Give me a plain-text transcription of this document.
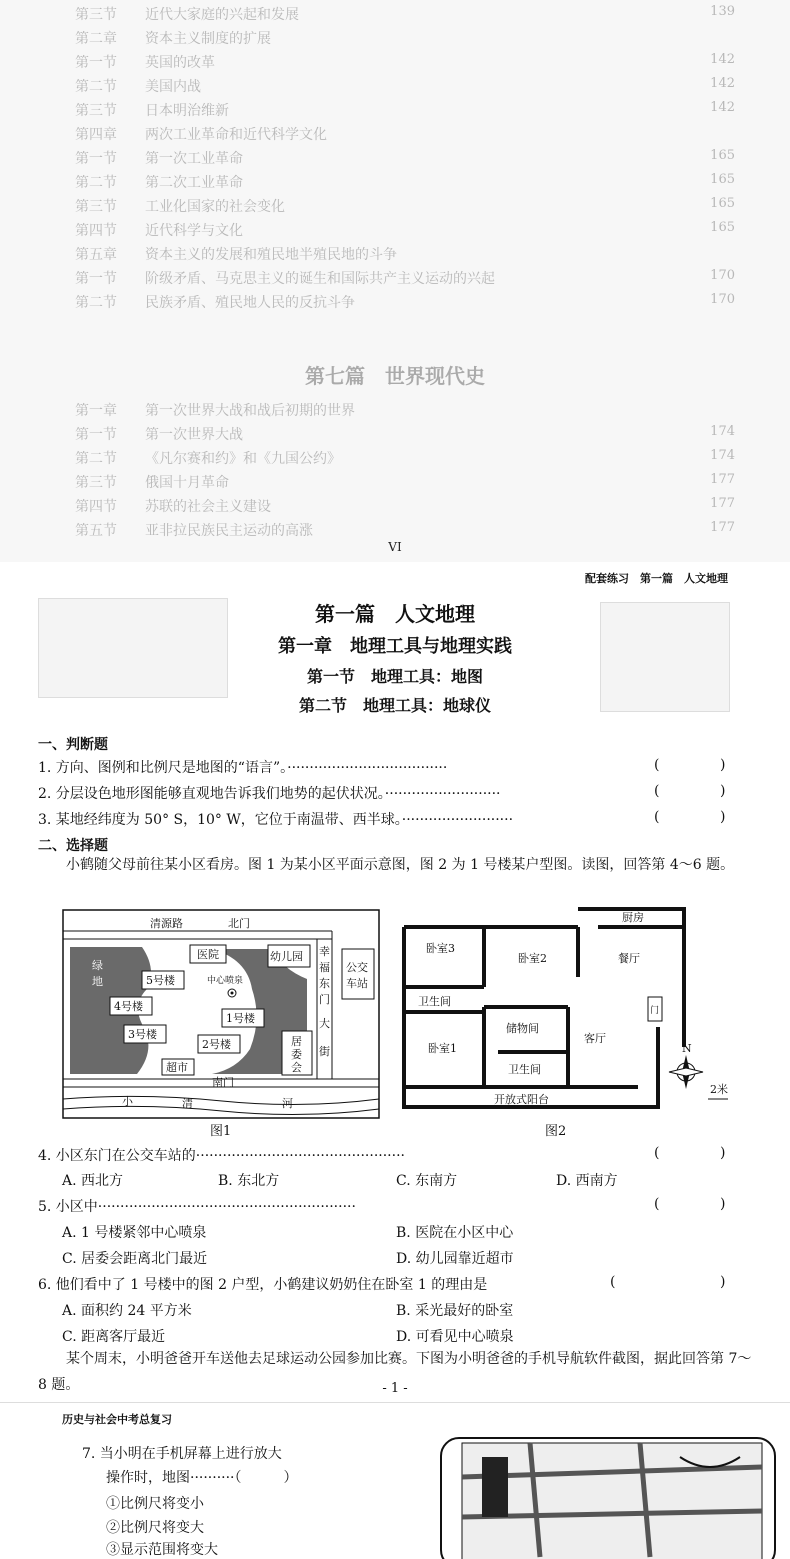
第三节 近代大家庭的兴起和发展	139
第二章 资本主义制度的扩展
第一节 英国的改革	142
第二节 美国内战	142
第三节 日本明治维新	142
第四章 两次工业革命和近代科学文化
第一节 第一次工业革命	165
第二节 第二次工业革命	165
第三节 工业化国家的社会变化	165
第四节 近代科学与文化	165
第五章 资本主义的发展和殖民地半殖民地的斗争
第一节 阶级矛盾、马克思主义的诞生和国际共产主义运动的兴起	170
第二节 民族矛盾、殖民地人民的反抗斗争	170
第七篇　世界现代史
第一章 第一次世界大战和战后初期的世界
第一节 第一次世界大战	174
第二节 《凡尔赛和约》和《九国公约》	174
第三节 俄国十月革命	177
第四节 苏联的社会主义建设	177
第五节 亚非拉民族民主运动的高涨	177
VI
配套练习　第一篇　人文地理
第一篇　人文地理
第一章　地理工具与地理实践
第一节　地理工具：地图
第二节　地理工具：地球仪
一、判断题
1. 方向、图例和比例尺是地图的“语言”。····································	(	)
2. 分层设色地形图能够直观地告诉我们地势的起伏状况。··························	(	)
3. 某地经纬度为 50° S，10° W，它位于南温带、西半球。·························	(	)
二、选择题
小鹤随父母前往某小区看房。图 1 为某小区平面示意图，图 2 为 1 号楼某户型图。读图，回答第 4～6 题。
清源路	北门
医院	幼儿园 幸
福
东
门
大
街
公交
车站
绿
地	5号楼	中心喷泉
4号楼
1号楼
3号楼
2号楼	居
委
会
超市
南门
小	清	河
图1
厨房
卧室3
卧室2	餐厅
卫生间
门
储物间
卧室1
客厅
卫生间
开放式阳台
N
2米
图2
4. 小区东门在公交车站的···············································	(	)
A. 西北方	B. 东北方	C. 东南方	D. 西南方
5. 小区中··························································	(	)
A. 1 号楼紧邻中心喷泉	B. 医院在小区中心
C. 居委会距离北门最近	D. 幼儿园靠近超市
6. 他们看中了 1 号楼中的图 2 户型，小鹤建议奶奶住在卧室 1 的理由是	(	)
A. 面积约 24 平方米	B. 采光最好的卧室
C. 距离客厅最近	D. 可看见中心喷泉
某个周末，小明爸爸开车送他去足球运动公园参加比赛。下图为小明爸爸的手机导航软件截图，据此回答第 7～8 题。	- 1 -
历史与社会中考总复习
7. 当小明在手机屏幕上进行放大
操作时，地图··········（　　　）
①比例尺将变小
②比例尺将变大
③显示范围将变大
